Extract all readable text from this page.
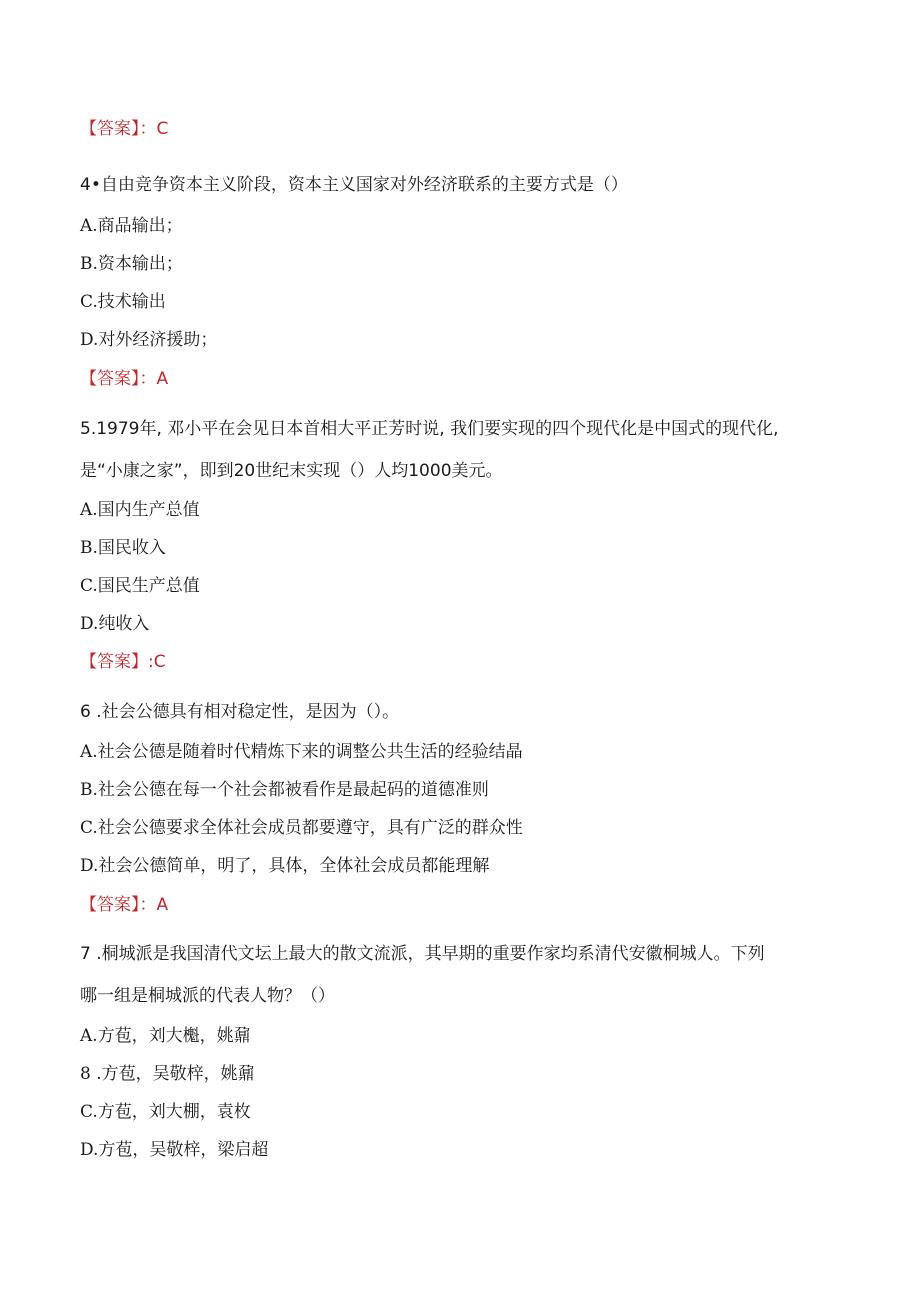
【答案】：C
4•自由竞争资本主义阶段，资本主义国家对外经济联系的主要方式是（）
A.商品输出；
B.资本输出；
C.技术输出
D.对外经济援助；
【答案】：A
5.1979年, 邓小平在会见日本首相大平正芳时说, 我们要实现的四个现代化是中国式的现代化,
是“小康之家”，即到20世纪末实现（）人均1000美元。
A.国内生产总值
B.国民收入
C.国民生产总值
D.纯收入
【答案】:C
6 .社会公德具有相对稳定性，是因为（）。
A.社会公德是随着时代精炼下来的调整公共生活的经验结晶
B.社会公德在每一个社会都被看作是最起码的道德准则
C.社会公德要求全体社会成员都要遵守，具有广泛的群众性
D.社会公德简单，明了，具体，全体社会成员都能理解
【答案】：A
7 .桐城派是我国清代文坛上最大的散文流派，其早期的重要作家均系清代安徽桐城人。下列
哪一组是桐城派的代表人物？（）
A.方苞，刘大櫆，姚鼐
8 .方苞，吴敬梓，姚鼐
C.方苞，刘大棚，袁枚
D.方苞，吴敬梓，梁启超
